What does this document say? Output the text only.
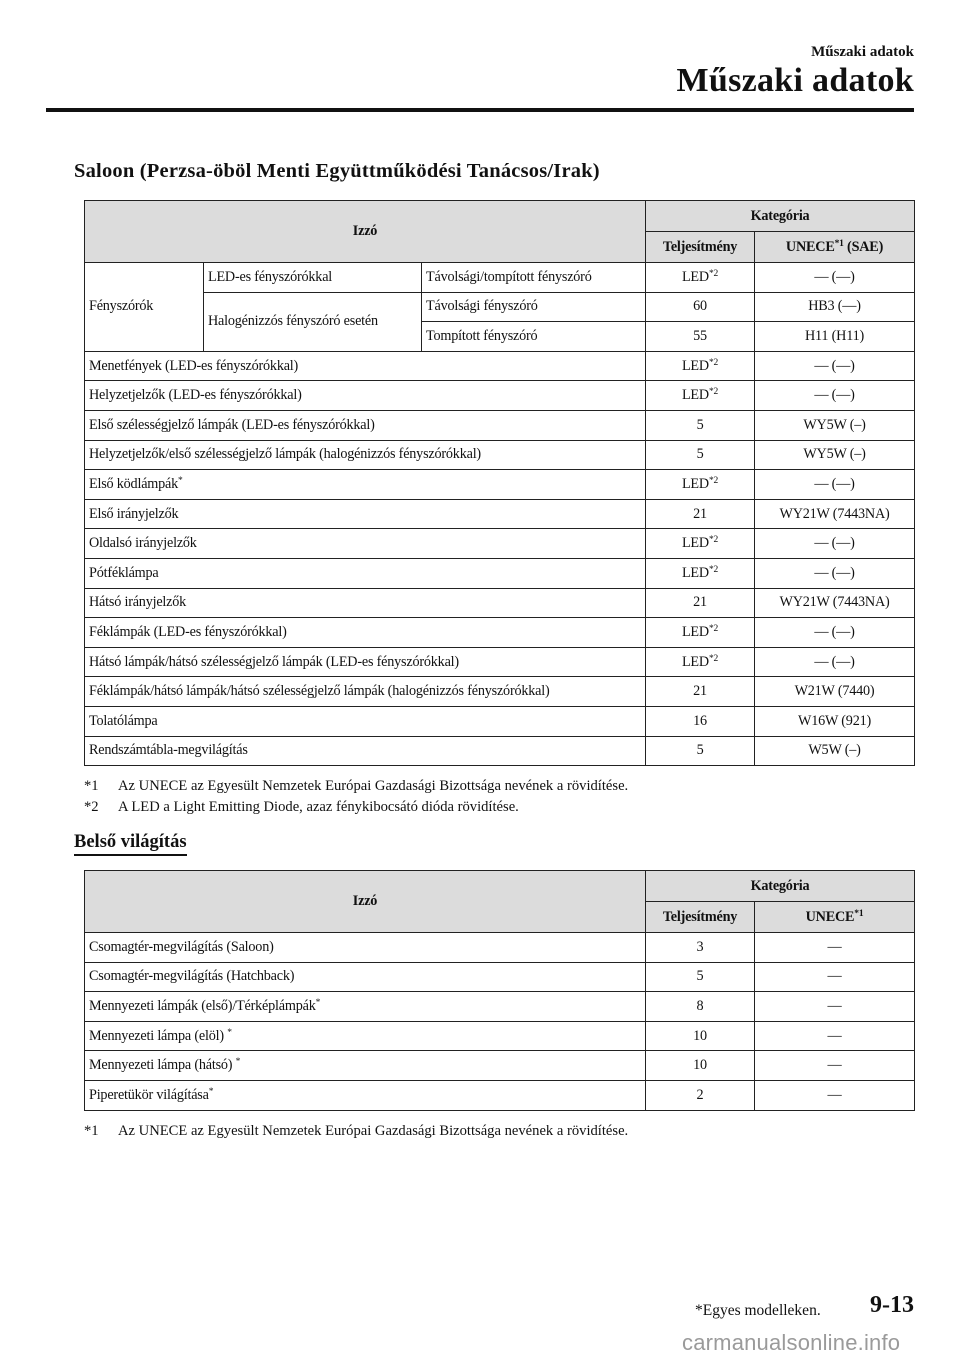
Műszaki adatok
Műszaki adatok
Saloon (Perzsa-öböl Menti Együttműködési Tanácsos/Irak)
Izzó			Kategória	
			Teljesítmény	UNECE$^{*1}$ (SAE)
Fényszórók	LED-es fényszórókkal	Távolsági/tompított fényszóró	LED$^{*2}$	— (—)
	Halogénizzós fényszóró esetén	Távolsági fényszóró	60	HB3 (—)
		Tompított fényszóró	55	H11 (H11)
Menetfények (LED-es fényszórókkal)			LED$^{*2}$	— (—)
Helyzetjelzők (LED-es fényszórókkal)			LED$^{*2}$	— (—)
Első szélességjelző lámpák (LED-es fényszórókkal)			5	WY5W (–)
Helyzetjelzők/első szélességjelző lámpák (halogénizzós fényszórókkal)			5	WY5W (–)
Első ködlámpák*			LED$^{*2}$	— (—)
Első irányjelzők			21	WY21W (7443NA)
Oldalsó irányjelzők			LED$^{*2}$	— (—)
Pótféklámpa			LED$^{*2}$	— (—)
Hátsó irányjelzők			21	WY21W (7443NA)
Féklámpák (LED-es fényszórókkal)			LED$^{*2}$	— (—)
Hátsó lámpák/hátsó szélességjelző lámpák (LED-es fényszórókkal)			LED$^{*2}$	— (—)
Féklámpák/hátsó lámpák/hátsó szélességjelző lámpák (halogénizzós fényszórókkal)			21	W21W (7440)
Tolatólámpa			16	W16W (921)
Rendszámtábla-megvilágítás			5	W5W (–)
*1	Az UNECE az Egyesült Nemzetek Európai Gazdasági Bizottsága nevének a rövidítése.
*2	A LED a Light Emitting Diode, azaz fénykibocsátó dióda rövidítése.
Belső világítás
Izzó	Kategória	
	Teljesítmény	UNECE$^{*1}$
Csomagtér-megvilágítás (Saloon)	3	—
Csomagtér-megvilágítás (Hatchback)	5	—
Mennyezeti lámpák (első)/Térképlámpák*	8	—
Mennyezeti lámpa (elöl) *	10	—
Mennyezeti lámpa (hátsó) *	10	—
Piperetükör világítása*	2	—
*1	Az UNECE az Egyesült Nemzetek Európai Gazdasági Bizottsága nevének a rövidítése.
*Egyes modelleken. 9-13
carmanualsonline.info
